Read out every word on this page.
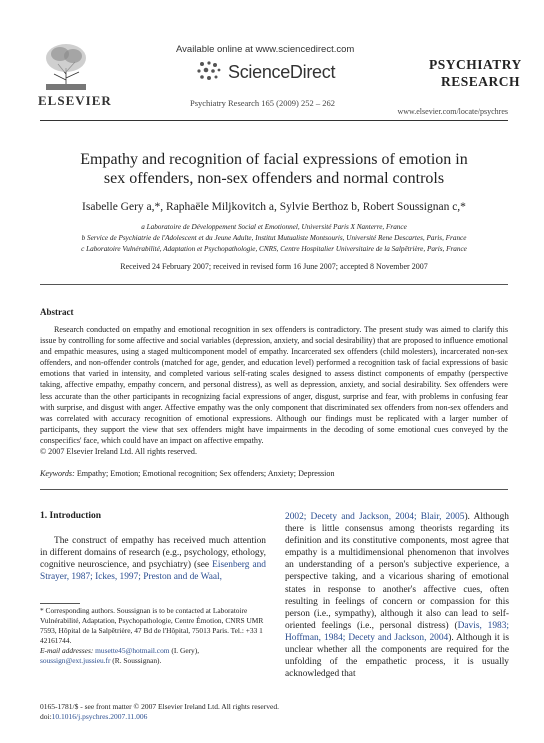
ELSEVIER
Available online at www.sciencedirect.com
ScienceDirect
Psychiatry Research 165 (2009) 252 – 262
PSYCHIATRY
RESEARCH
www.elsevier.com/locate/psychres
Empathy and recognition of facial expressions of emotion in
sex offenders, non-sex offenders and normal controls
Isabelle Gery a,*, Raphaële Miljkovitch a, Sylvie Berthoz b, Robert Soussignan c,*
a Laboratoire de Développement Social et Emotionnel, Université Paris X Nanterre, France
b Service de Psychiatrie de l'Adolescent et du Jeune Adulte, Institut Mutualiste Montsouris, Université Rene Descartes, Paris, France
c Laboratoire Vulnérabilité, Adaptation et Psychopathologie, CNRS, Centre Hospitalier Universitaire de la Salpêtrière, Paris, France
Received 24 February 2007; received in revised form 16 June 2007; accepted 8 November 2007
Abstract
Research conducted on empathy and emotional recognition in sex offenders is contradictory. The present study was aimed to clarify this issue by controlling for some affective and social variables (depression, anxiety, and social desirability) that are proposed to influence emotional and empathic measures, using a staged multicomponent model of empathy. Incarcerated sex offenders (child molesters), incarcerated non-sex offenders, and non-offender controls (matched for age, gender, and education level) performed a recognition task of facial expressions of basic emotions that varied in intensity, and completed various self-rating scales designed to assess distinct components of empathy (perspective taking, affective empathy, empathy concern, and personal distress), as well as depression, anxiety, and social desirability. Sex offenders were less accurate than the other participants in recognizing facial expressions of anger, disgust, surprise and fear, with problems in confusing fear with surprise, and disgust with anger. Affective empathy was the only component that discriminated sex offenders from non-sex offenders and was correlated with accuracy recognition of emotional expressions. Although our findings must be replicated with a larger number of participants, they support the view that sex offenders might have impairments in the decoding of some emotional cues conveyed by the conspecifics' face, which could have an impact on affective empathy.
© 2007 Elsevier Ireland Ltd. All rights reserved.
Keywords: Empathy; Emotion; Emotional recognition; Sex offenders; Anxiety; Depression
1. Introduction
The construct of empathy has received much attention in different domains of research (e.g., psychology, ethology, cognitive neuroscience, and psychiatry) (see Eisenberg and Strayer, 1987; Ickes, 1997; Preston and de Waal,
2002; Decety and Jackson, 2004; Blair, 2005). Although there is little consensus among theorists regarding its definition and its constitutive components, most agree that empathy is a multidimensional phenomenon that involves an understanding of a person's subjective experience, a perspective taking, and a vicarious sharing of emotional states in response to another's affective cues, often resulting in feelings of concern or compassion for this person (i.e., sympathy), although it also can lead to self-oriented feelings (i.e., personal distress) (Davis, 1983; Hoffman, 1984; Decety and Jackson, 2004). Although it is unclear whether all the components are required for the unfolding of the empathetic process, it is usually acknowledged that
* Corresponding authors. Soussignan is to be contacted at Laboratoire Vulnérabilité, Adaptation, Psychopathologie, Centre Émotion, CNRS UMR 7593, Hôpital de la Salpêtrière, 47 Bd de l'Hôpital, 75013 Paris. Tel.: +33 1 42161744.
E-mail addresses: musette45@hotmail.com (I. Gery), soussign@ext.jussieu.fr (R. Soussignan).
0165-1781/$ - see front matter © 2007 Elsevier Ireland Ltd. All rights reserved.
doi:10.1016/j.psychres.2007.11.006
